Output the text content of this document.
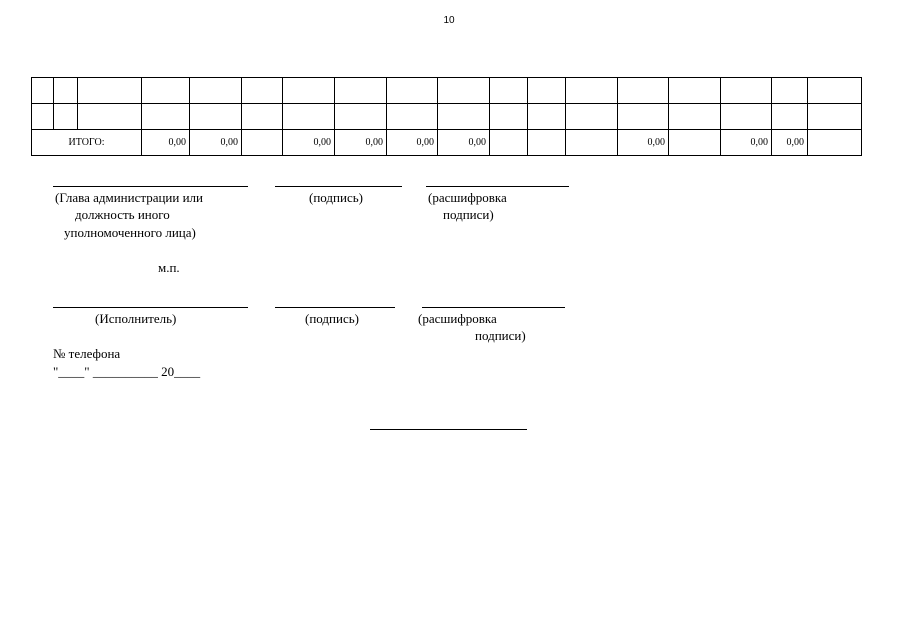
10

ИТОГО:			0,00	0,00		0,00	0,00	0,00	0,00				0,00		0,00	0,00	
(Глава администрации или
должность иного
уполномоченного лица)
(подпись)	(расшифровка
подписи)
м.п.
(Исполнитель)	(подпись)	(расшифровка
подписи)
№ телефона
"____" __________ 20____
